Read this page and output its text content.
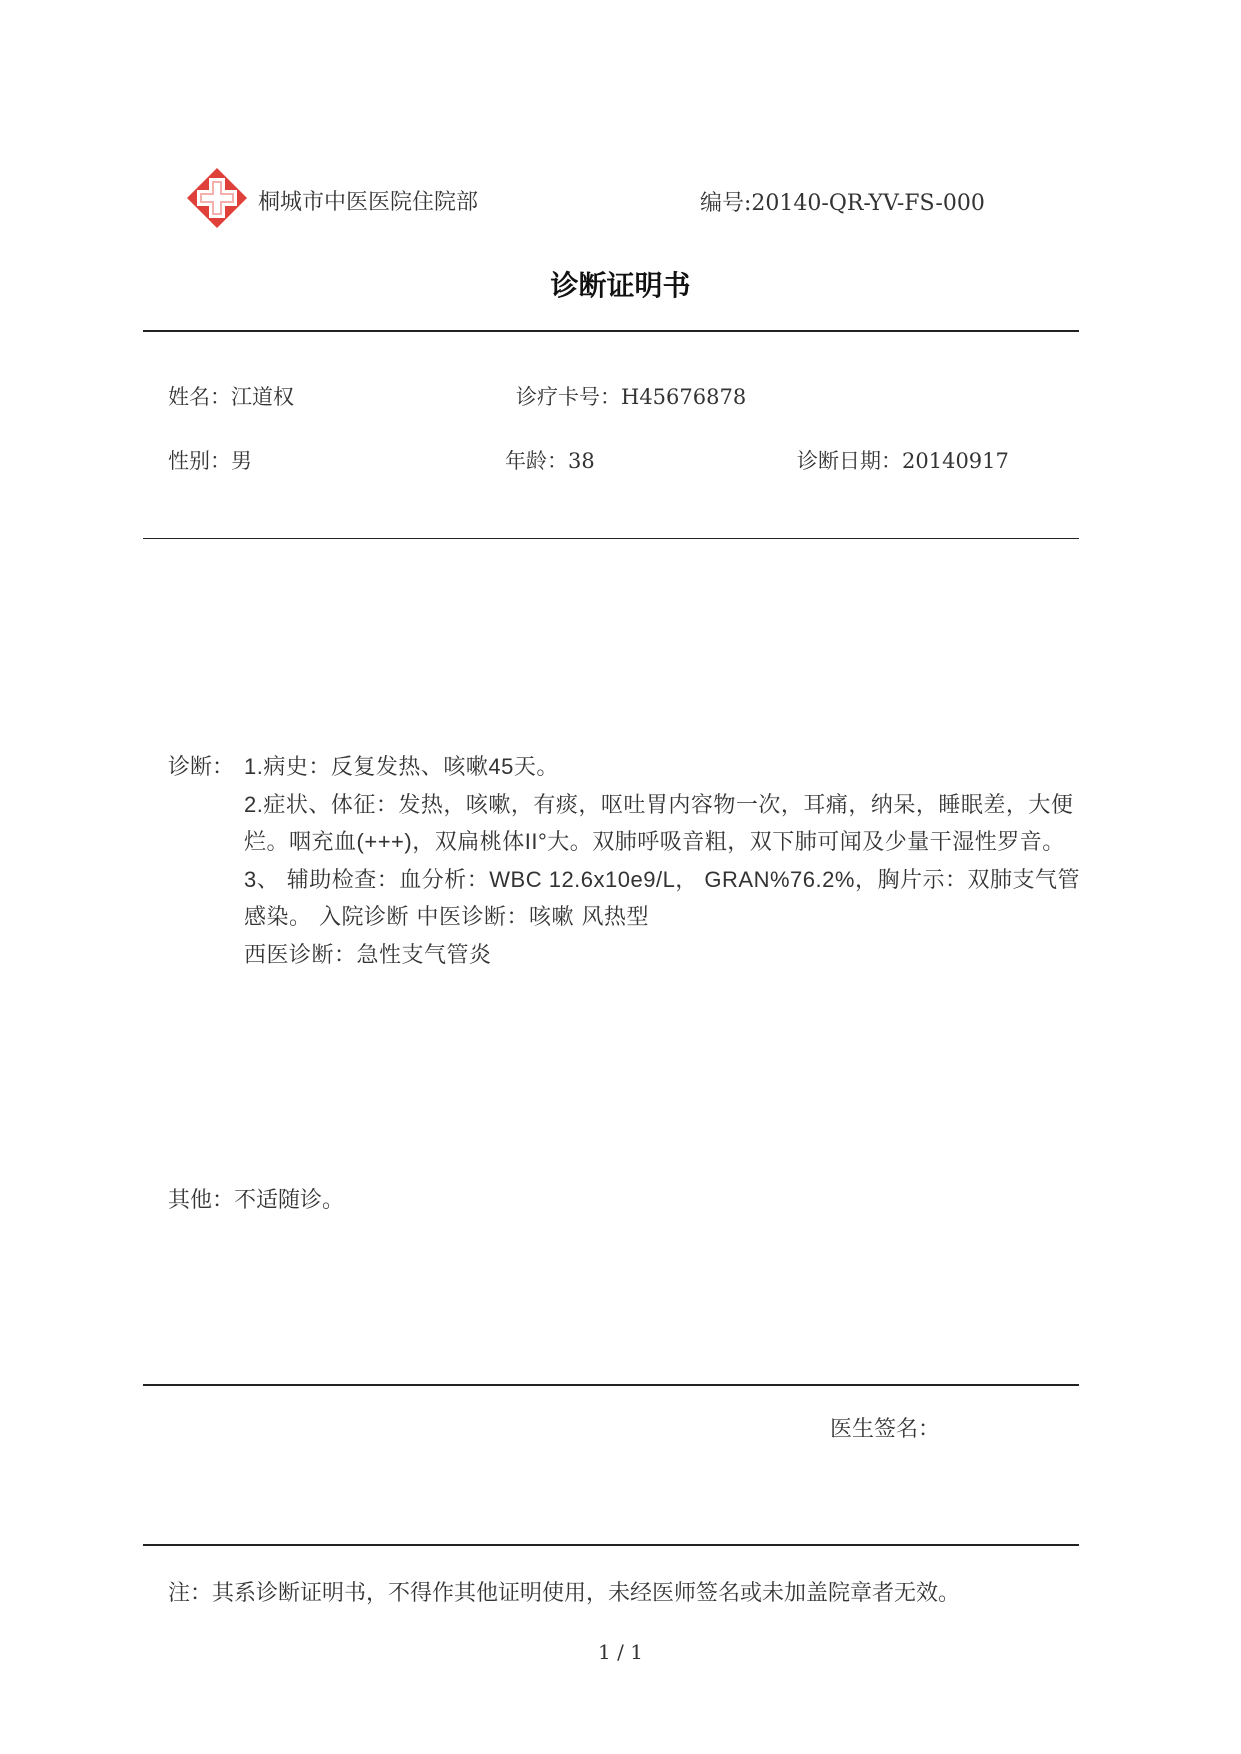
桐城市中医医院住院部	编号:20140-QR-YV-FS-000
诊断证明书
姓名：江道权	诊疗卡号：H45676878
性别：男	年龄：38	诊断日期：20140917
诊断： 1.病史：反复发热、咳嗽45天。
2.症状、体征：发热，咳嗽，有痰，呕吐胃内容物一次，耳痛，纳呆，睡眠差，大便
烂。咽充血(+++)，双扁桃体II°大。双肺呼吸音粗，双下肺可闻及少量干湿性罗音。
3、 辅助检查：血分析：WBC 12.6x10e9/L， GRAN%76.2%，胸片示：双肺支气管
感染。 入院诊断 中医诊断：咳嗽 风热型
西医诊断：急性支气管炎
其他：不适随诊。
医生签名：
注：其系诊断证明书，不得作其他证明使用，未经医师签名或未加盖院章者无效。
1 / 1
